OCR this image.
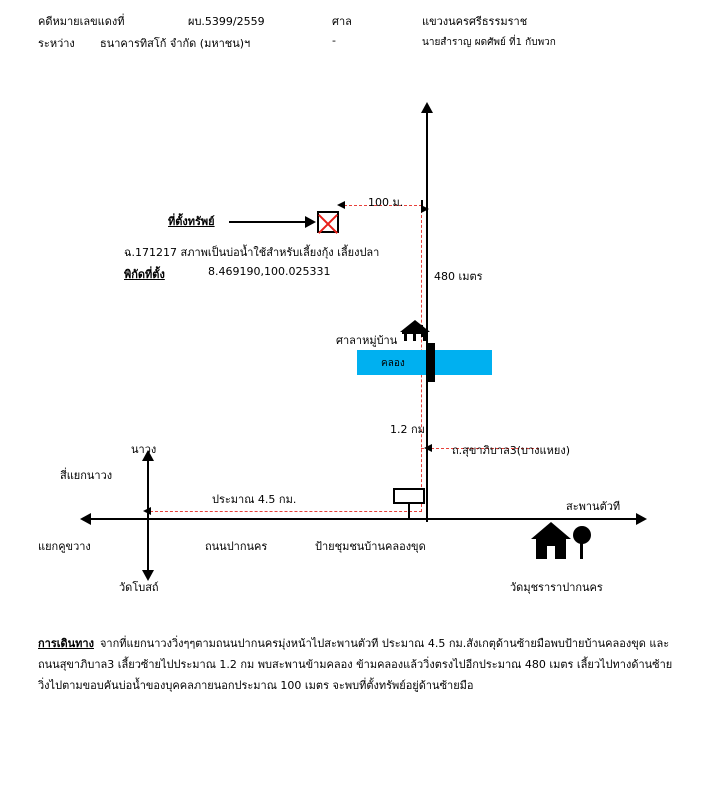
คดีหมายเลขแดงที่	ผบ.5399/2559	ศาล	แขวงนครศรีธรรมราช
ระหว่าง ธนาคารทิสโก้ จำกัด (มหาชน)ฯ	-	นายสำราญ ผดศัพย์ ที่1 กับพวก
ที่ตั้งทรัพย์
ฉ.171217 สภาพเป็นบ่อน้ำใช้สำหรับเลี้ยงกุ้ง เลี้ยงปลา
พิกัดที่ตั้ง	8.469190,100.025331
100 ม.
480 เมตร
1.2 กม
ประมาณ 4.5 กม.
คลอง
ศาลาหมู่บ้าน
ถ.สุขาภิบาล3(บางแหยง)
ป้ายชุมชนบ้านคลองขุด
นาวง
สี่แยกนาวง
แยกคูขวาง
วัดโบสถ์
ถนนปากนคร
สะพานตัวที
วัดมุชราราปากนคร
การเดินทาง จากที่แยกนาวงวิ่งๆๆตามถนนปากนครมุ่งหน้าไปสะพานตัวที ประมาณ 4.5 กม.สังเกตุด้านซ้ายมือพบป้ายบ้านคลองขุด และถนนสุขาภิบาล3 เลี้ยวซ้ายไปประมาณ 1.2 กม พบสะพานข้ามคลอง ข้ามคลองแล้ววิ่งตรงไปอีกประมาณ 480 เมตร เลี้ยวไปทางด้านซ้ายวิ่งไปตามขอบคันบ่อน้ำของบุคคลภายนอกประมาณ 100 เมตร จะพบที่ตั้งทรัพย์อยู่ด้านซ้ายมือ
